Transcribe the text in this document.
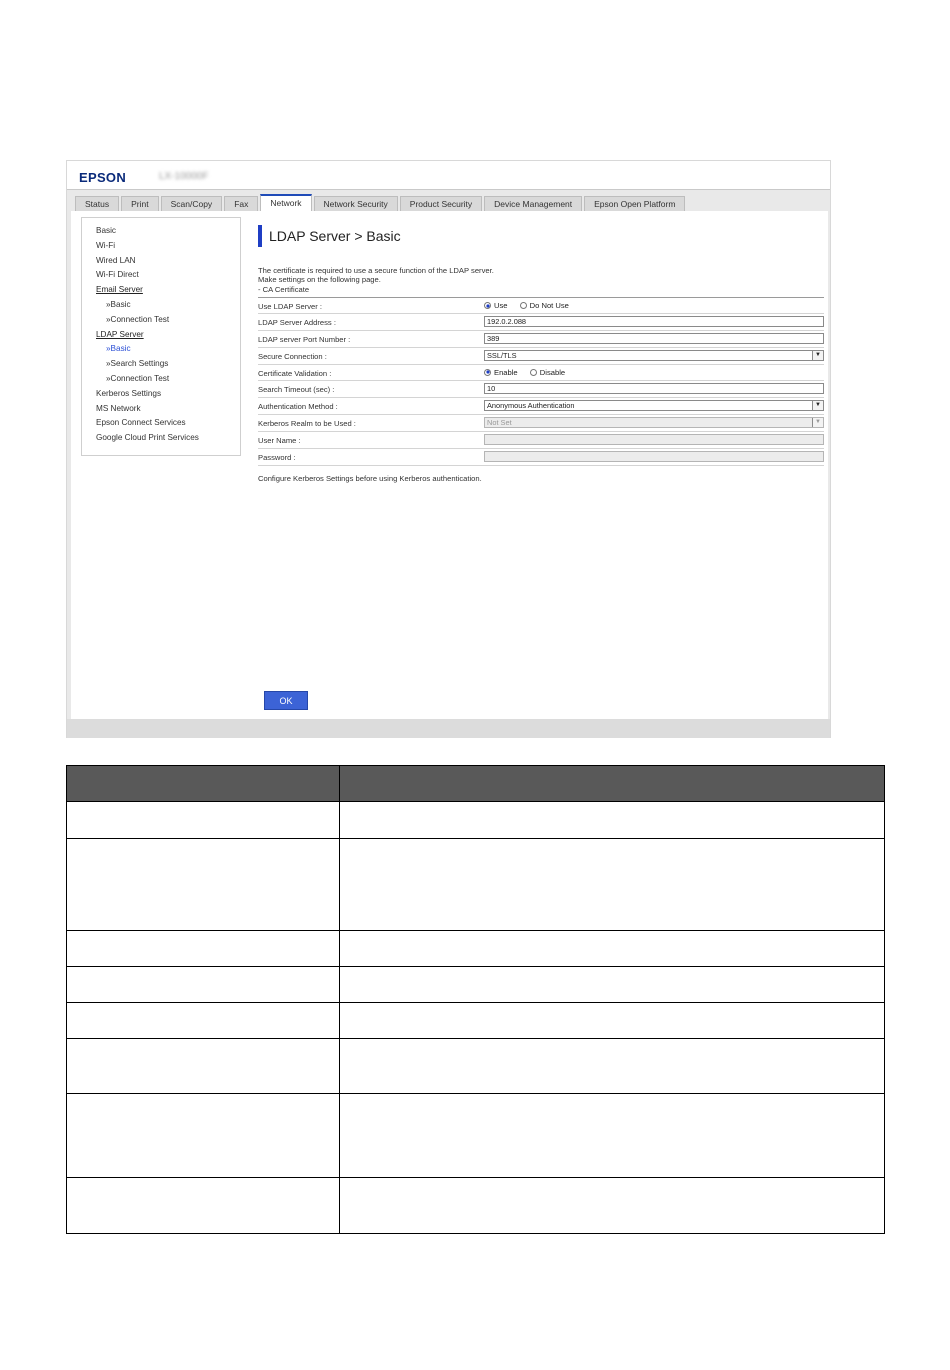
EPSON	LX-10000F
Status	Print	Scan/Copy	Fax	Network	Network Security	Product Security	Device Management	Epson Open Platform
Basic
Wi-Fi
Wired LAN
Wi-Fi Direct
Email Server
»Basic
»Connection Test
LDAP Server
»Basic
»Search Settings
»Connection Test
Kerberos Settings
MS Network
Epson Connect Services
Google Cloud Print Services
LDAP Server > Basic
The certificate is required to use a secure function of the LDAP server.
Make settings on the following page.
- CA Certificate
Use LDAP Server :	Use
	Do Not Use
LDAP Server Address :	192.0.2.088
LDAP server Port Number :	389
Secure Connection :	SSL/TLS	▼
Certificate Validation :	Enable
	Disable
Search Timeout (sec) :	10
Authentication Method :	Anonymous Authentication	▼
Kerberos Realm to be Used :	Not Set	▼
User Name :
Password :
Configure Kerberos Settings before using Kerberos authentication.
OK
